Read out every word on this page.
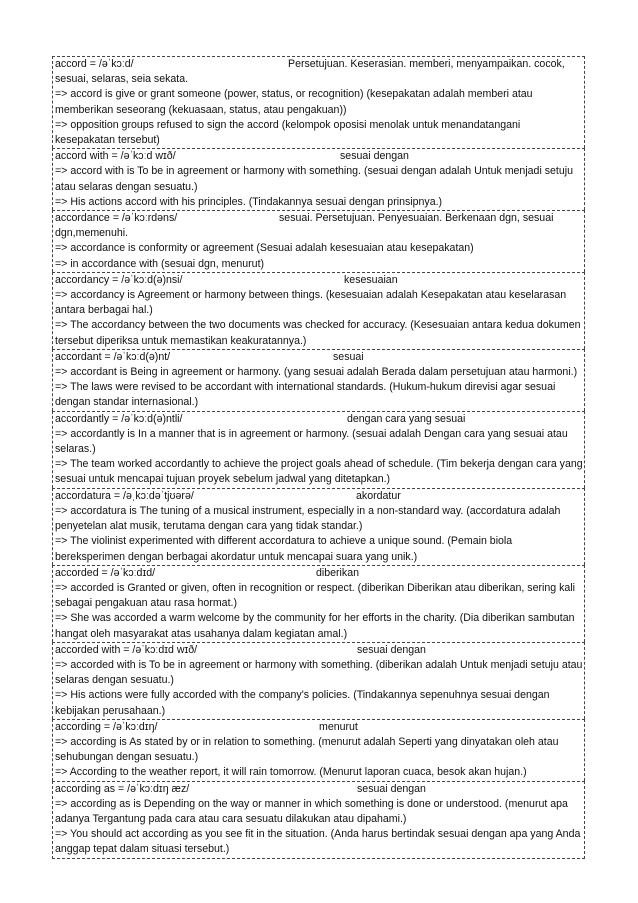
accord = /əˈkɔːd/	Persetujuan. Keserasian. memberi, menyampaikan. cocok,
sesuai, selaras, seia sekata.
=> accord is give or grant someone (power, status, or recognition) (kesepakatan adalah memberi atau memberikan seseorang (kekuasaan, status, atau pengakuan))
=> opposition groups refused to sign the accord (kelompok oposisi menolak untuk menandatangani kesepakatan tersebut)
accord with = /əˈkɔːd wɪð/	sesuai dengan
=> accord with is To be in agreement or harmony with something. (sesuai dengan adalah Untuk menjadi setuju atau selaras dengan sesuatu.)
=> His actions accord with his principles. (Tindakannya sesuai dengan prinsipnya.)
accordance = /əˈkɔːrdəns/	sesuai. Persetujuan. Penyesuaian. Berkenaan dgn, sesuai
dgn,memenuhi.
=> accordance is conformity or agreement (Sesuai adalah kesesuaian atau kesepakatan)
=> in accordance with (sesuai dgn, menurut)
accordancy = /əˈkɔːd(ə)nsi/	kesesuaian
=> accordancy is Agreement or harmony between things. (kesesuaian adalah Kesepakatan atau keselarasan antara berbagai hal.)
=> The accordancy between the two documents was checked for accuracy. (Kesesuaian antara kedua dokumen tersebut diperiksa untuk memastikan keakuratannya.)
accordant = /əˈkɔːd(ə)nt/	sesuai
=> accordant is Being in agreement or harmony. (yang sesuai adalah Berada dalam persetujuan atau harmoni.)
=> The laws were revised to be accordant with international standards. (Hukum-hukum direvisi agar sesuai dengan standar internasional.)
accordantly = /əˈkɔːd(ə)ntli/	dengan cara yang sesuai
=> accordantly is In a manner that is in agreement or harmony. (sesuai adalah Dengan cara yang sesuai atau selaras.)
=> The team worked accordantly to achieve the project goals ahead of schedule. (Tim bekerja dengan cara yang sesuai untuk mencapai tujuan proyek sebelum jadwal yang ditetapkan.)
accordatura = /əˌkɔːdəˈtjʊərə/	akordatur
=> accordatura is The tuning of a musical instrument, especially in a non-standard way. (accordatura adalah penyetelan alat musik, terutama dengan cara yang tidak standar.)
=> The violinist experimented with different accordatura to achieve a unique sound. (Pemain biola bereksperimen dengan berbagai akordatur untuk mencapai suara yang unik.)
accorded = /əˈkɔːdɪd/	diberikan
=> accorded is Granted or given, often in recognition or respect. (diberikan Diberikan atau diberikan, sering kali sebagai pengakuan atau rasa hormat.)
=> She was accorded a warm welcome by the community for her efforts in the charity. (Dia diberikan sambutan hangat oleh masyarakat atas usahanya dalam kegiatan amal.)
accorded with = /əˈkɔːdɪd wɪð/	sesuai dengan
=> accorded with is To be in agreement or harmony with something. (diberikan adalah Untuk menjadi setuju atau selaras dengan sesuatu.)
=> His actions were fully accorded with the company's policies. (Tindakannya sepenuhnya sesuai dengan kebijakan perusahaan.)
according = /əˈkɔːdɪŋ/	menurut
=> according is As stated by or in relation to something. (menurut adalah Seperti yang dinyatakan oleh atau sehubungan dengan sesuatu.)
=> According to the weather report, it will rain tomorrow. (Menurut laporan cuaca, besok akan hujan.)
according as = /əˈkɔːdɪŋ æz/	sesuai dengan
=> according as is Depending on the way or manner in which something is done or understood. (menurut apa adanya Tergantung pada cara atau cara sesuatu dilakukan atau dipahami.)
=> You should act according as you see fit in the situation. (Anda harus bertindak sesuai dengan apa yang Anda anggap tepat dalam situasi tersebut.)
